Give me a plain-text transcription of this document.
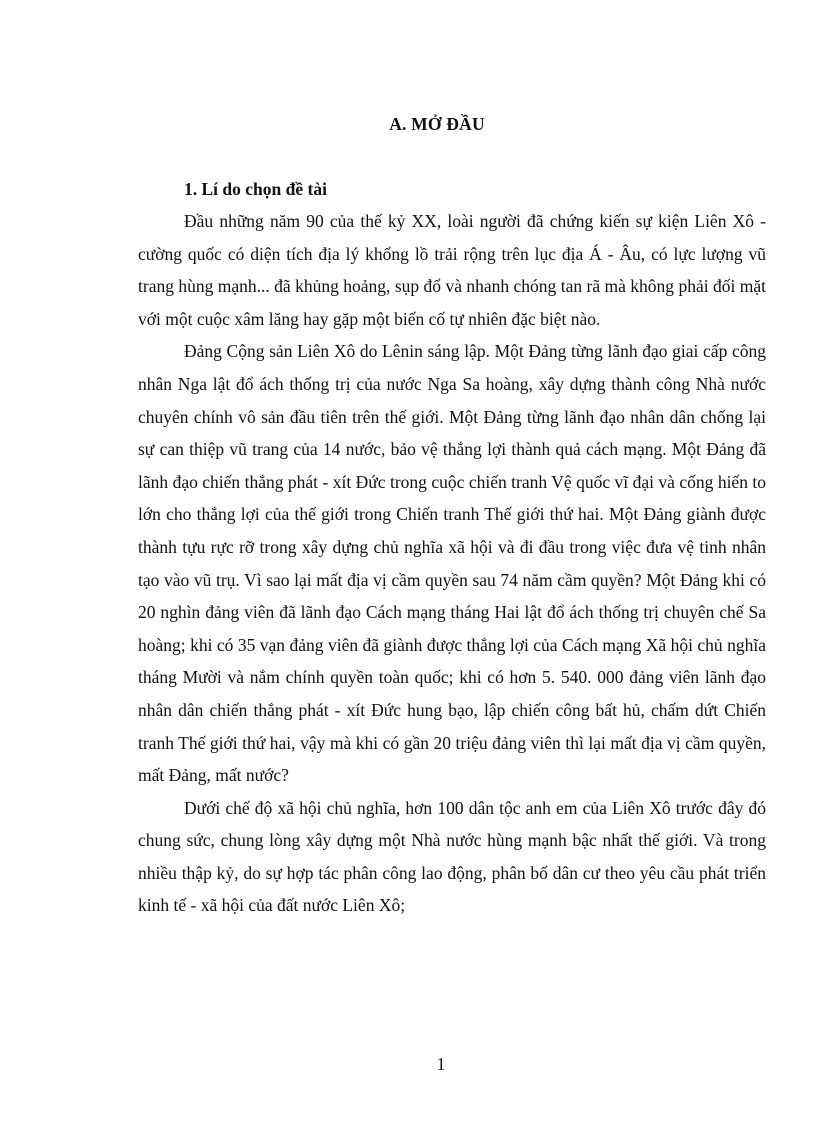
A. MỞ ĐẦU
1. Lí do chọn đề tài

Đầu những năm 90 của thế kỷ XX, loài người đã chứng kiến sự kiện Liên Xô - cường quốc có diện tích địa lý khổng lồ trải rộng trên lục địa Á - Âu, có lực lượng vũ trang hùng mạnh... đã khủng hoảng, sụp đổ và nhanh chóng tan rã mà không phải đối mặt với một cuộc xâm lăng hay gặp một biến cố tự nhiên đặc biệt nào.

Đảng Cộng sản Liên Xô do Lênin sáng lập. Một Đảng từng lãnh đạo giai cấp công nhân Nga lật đổ ách thống trị của nước Nga Sa hoàng, xây dựng thành công Nhà nước chuyên chính vô sản đầu tiên trên thế giới. Một Đảng từng lãnh đạo nhân dân chống lại sự can thiệp vũ trang của 14 nước, bảo vệ thắng lợi thành quả cách mạng. Một Đảng đã lãnh đạo chiến thắng phát - xít Đức trong cuộc chiến tranh Vệ quốc vĩ đại và cống hiến to lớn cho thắng lợi của thế giới trong Chiến tranh Thế giới thứ hai. Một Đảng giành được thành tựu rực rỡ trong xây dựng chủ nghĩa xã hội và đi đầu trong việc đưa vệ tinh nhân tạo vào vũ trụ. Vì sao lại mất địa vị cầm quyền sau 74 năm cầm quyền? Một Đảng khi có 20 nghìn đảng viên đã lãnh đạo Cách mạng tháng Hai lật đổ ách thống trị chuyên chế Sa hoàng; khi có 35 vạn đảng viên đã giành được thắng lợi của Cách mạng Xã hội chủ nghĩa tháng Mười và nắm chính quyền toàn quốc; khi có hơn 5. 540. 000 đảng viên lãnh đạo nhân dân chiến thắng phát - xít Đức hung bạo, lập chiến công bất hủ, chấm dứt Chiến tranh Thế giới thứ hai, vậy mà khi có gần 20 triệu đảng viên thì lại mất địa vị cầm quyền, mất Đảng, mất nước?

Dưới chế độ xã hội chủ nghĩa, hơn 100 dân tộc anh em của Liên Xô trước đây đó chung sức, chung lòng xây dựng một Nhà nước hùng mạnh bậc nhất thế giới. Và trong nhiều thập kỷ, do sự hợp tác phân công lao động, phân bố dân cư theo yêu cầu phát triển kinh tế - xã hội của đất nước Liên Xô;

1
